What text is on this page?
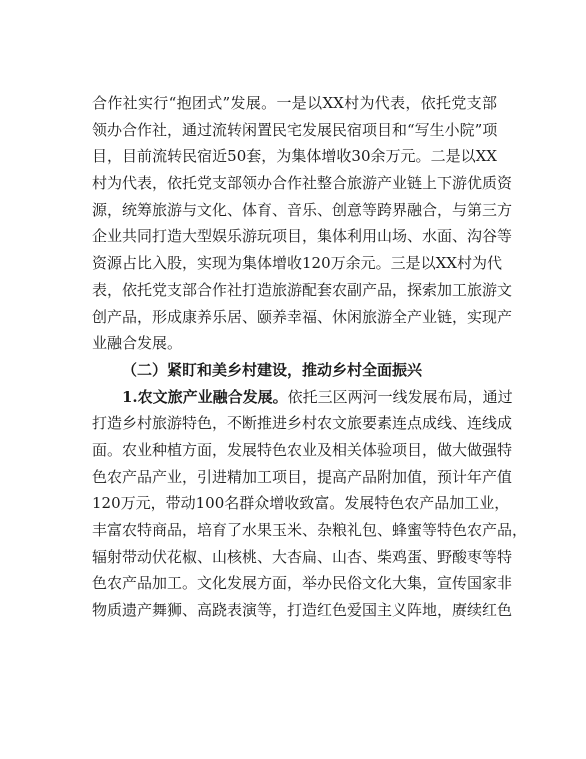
合作社实行“抱团式”发展。一是以XX村为代表，依托党支部
领办合作社，通过流转闲置民宅发展民宿项目和“写生小院”项
目，目前流转民宿近50套，为集体增收30余万元。二是以XX
村为代表，依托党支部领办合作社整合旅游产业链上下游优质资
源，统筹旅游与文化、体育、音乐、创意等跨界融合，与第三方
企业共同打造大型娱乐游玩项目，集体利用山场、水面、沟谷等
资源占比入股，实现为集体增收120万余元。三是以XX村为代
表，依托党支部合作社打造旅游配套农副产品，探索加工旅游文
创产品，形成康养乐居、颐养幸福、休闲旅游全产业链，实现产
业融合发展。
（二）紧盯和美乡村建设，推动乡村全面振兴
1.农文旅产业融合发展。依托三区两河一线发展布局，通过
打造乡村旅游特色，不断推进乡村农文旅要素连点成线、连线成
面。农业种植方面，发展特色农业及相关体验项目，做大做强特
色农产品产业，引进精加工项目，提高产品附加值，预计年产值
120万元，带动100名群众增收致富。发展特色农产品加工业，
丰富农特商品，培育了水果玉米、杂粮礼包、蜂蜜等特色农产品，
辐射带动伏花椒、山核桃、大杏扁、山杏、柴鸡蛋、野酸枣等特
色农产品加工。文化发展方面，举办民俗文化大集，宣传国家非
物质遗产舞狮、高跷表演等，打造红色爱国主义阵地，赓续红色
